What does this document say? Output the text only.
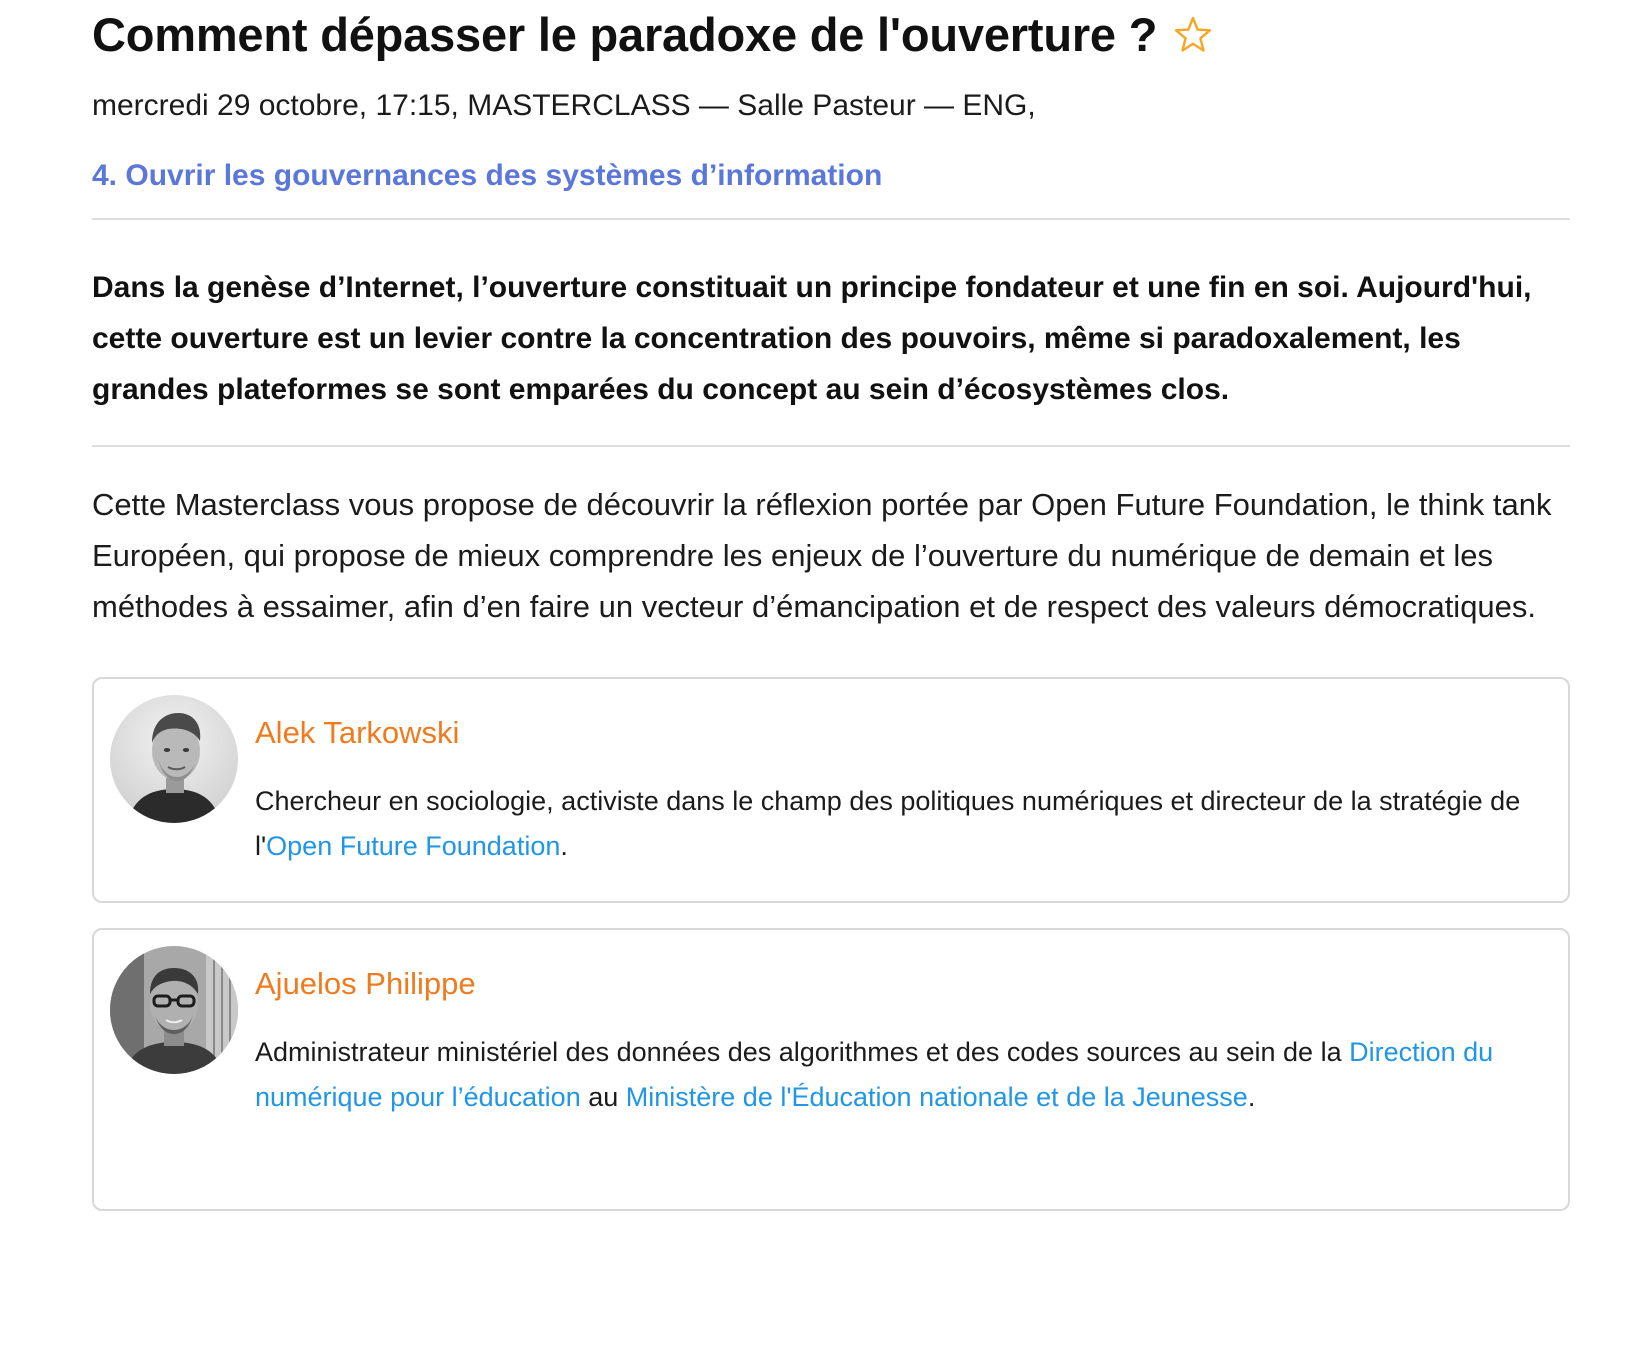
Comment dépasser le paradoxe de l'ouverture ?
mercredi 29 octobre, 17:15, MASTERCLASS — Salle Pasteur — ENG,
4. Ouvrir les gouvernances des systèmes d’information
Dans la genèse d’Internet, l’ouverture constituait un principe fondateur et une fin en soi. Aujourd'hui, cette ouverture est un levier contre la concentration des pouvoirs, même si paradoxalement, les grandes plateformes se sont emparées du concept au sein d’écosystèmes clos.
Cette Masterclass vous propose de découvrir la réflexion portée par Open Future Foundation, le think tank Européen, qui propose de mieux comprendre les enjeux de l’ouverture du numérique de demain et les méthodes à essaimer, afin d’en faire un vecteur d’émancipation et de respect des valeurs démocratiques.
Alek Tarkowski
Chercheur en sociologie, activiste dans le champ des politiques numériques et directeur de la stratégie de l'Open Future Foundation.
Ajuelos Philippe
Administrateur ministériel des données des algorithmes et des codes sources au sein de la Direction du numérique pour l’éducation au Ministère de l'Éducation nationale et de la Jeunesse.
